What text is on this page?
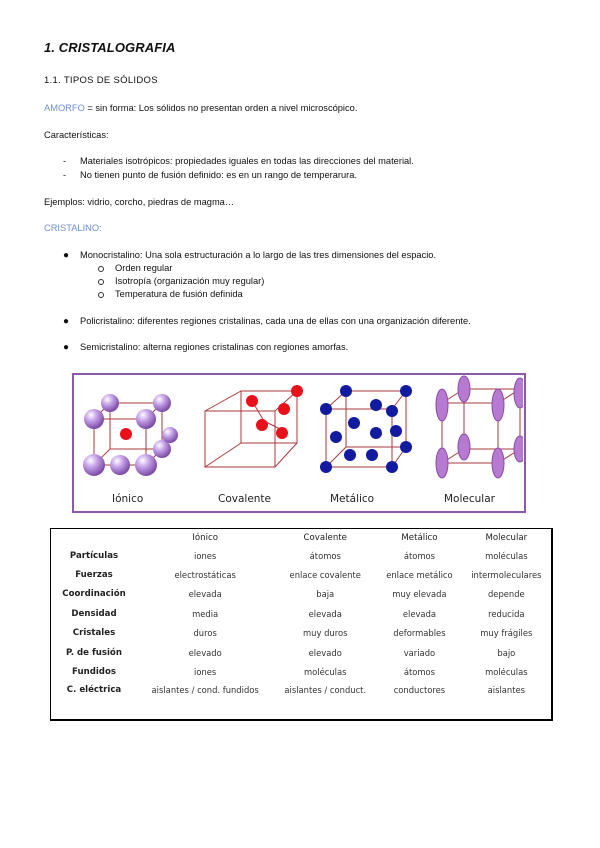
1. CRISTALOGRAFIA
1.1. TIPOS DE SÓLIDOS
AMORFO = sin forma: Los sólidos no presentan orden a nivel microscópico.
Características:
- Materiales isotrópicos: propiedades iguales en todas las direcciones del material.
- No tienen punto de fusión definido: es en un rango de temperarura.
Ejemplos: vidrio, corcho, piedras de magma…
CRISTALINO:
● Monocristalino: Una sola estructuración a lo largo de las tres dimensiones del espacio.
Orden regular
Isotropía (organización muy regular)
Temperatura de fusión definida
● Policristalino: diferentes regiones cristalinas, cada una de ellas con una organización diferente.
● Semicristalino: alterna regiones cristalinas con regiones amorfas.
Iónico	Covalente	Metálico	Molecular
	Iónico	Covalente	Metálico	Molecular
Partículas	iones	átomos	átomos	moléculas
Fuerzas	electrostáticas	enlace covalente	enlace metálico	intermoleculares
Coordinación	elevada	baja	muy elevada	depende
Densidad	media	elevada	elevada	reducida
Cristales	duros	muy duros	deformables	muy frágiles
P. de fusión	elevado	elevado	variado	bajo
Fundidos	iones	moléculas	átomos	moléculas
C. eléctrica	aislantes / cond. fundidos	aislantes / conduct.	conductores	aislantes
